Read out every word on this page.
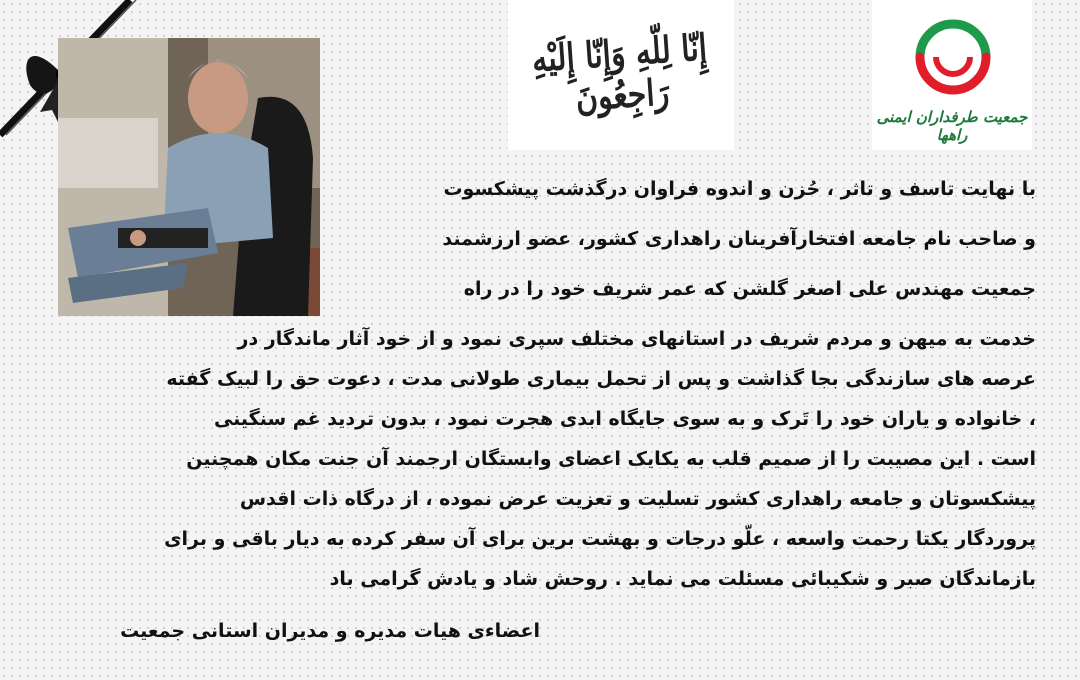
إِنّا لِلّهِ وَإِنّا إِلَيْهِ رَاجِعُونَ	جمعیت طرفداران ایمنی راهها
با نهایت تاسف و تاثر ، حُزن و اندوه فراوان درگذشت پیشکسوت
و صاحب نام جامعه افتخارآفرینان راهداری کشور، عضو ارزشمند
جمعیت مهندس علی اصغر گلشن که عمر شریف خود را در راه
خدمت به میهن و مردم شریف در استانهای مختلف سپری نمود و از خود آثار ماندگار در
عرصه های سازندگی بجا گذاشت و پس از تحمل بیماری طولانی مدت ، دعوت حق را لبیک گفته
، خانواده و یاران خود را تَرک و به سوی جایگاه ابدی هجرت نمود ، بدون تردید غم سنگینی
است . این مصیبت را از صمیم قلب به یکایک اعضای وابستگان ارجمند آن جنت مکان همچنین
پیشکسوتان و جامعه راهداری کشور تسلیت و تعزیت عرض نموده ، از درگاه ذات اقدس
پروردگار یکتا رحمت واسعه ، علّو درجات و بهشت برین برای آن سفر کرده به دیار باقی و برای
بازماندگان صبر و شکیبائی مسئلت می نماید . روحش شاد و یادش گرامی باد
اعضاءی هیات مدیره و مدیران استانی جمعیت
